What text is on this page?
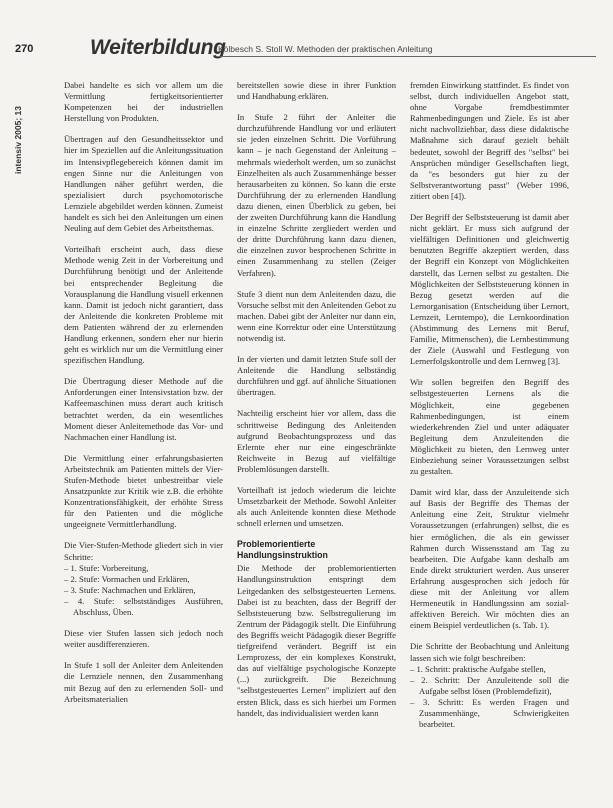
270	Weiterbildung
Kölbesch S. Stoll W. Methoden der praktischen Anleitung
intensiv 2005; 13

Dabei handelte es sich vor allem um die Vermittlung fertigkeitsorientierter Kompetenzen bei der industriellen Herstellung von Produkten.

Übertragen auf den Gesundheitssektor und hier im Speziellen auf die Anleitungssituation im Intensivpflegebereich können damit im engen Sinne nur die Anleitungen von Handlungen näher geführt werden, die spezialisiert durch psychomotorische Lernziele abgebildet werden können. Zumeist handelt es sich bei den Anleitungen um einen Neuling auf dem Gebiet des Arbeitsthemas.

Vorteilhaft erscheint auch, dass diese Methode wenig Zeit in der Vorbereitung und Durchführung benötigt und der Anleitende bei entsprechender Begleitung die Vorausplanung die Handlung visuell erkennen kann. Damit ist jedoch nicht garantiert, dass der Anleitende die konkreten Probleme mit dem Patienten während der zu erlernenden Handlung erkennen, sondern eher nur hierin geht es wirklich nur um die Vermittlung einer spezifischen Handlung.

Die Übertragung dieser Methode auf die Anforderungen einer Intensivstation bzw. der Kaffeemaschinen muss derart auch kritisch betrachtet werden, da ein wesentliches Moment dieser Anleitemethode das Vor- und Nachmachen einer Handlung ist.

Die Vermittlung einer erfahrungsbasierten Arbeitstechnik am Patienten mittels der Vier-Stufen-Methode bietet unbestreitbar viele Ansatzpunkte zur Kritik wie z.B. die erhöhte Konzentrationsfähigkeit, der erhöhte Stress für den Patienten und die mögliche ungeeignete Vermittlerhandlung.

Die Vier-Stufen-Methode gliedert sich in vier Schritte:

– 1. Stufe: Vorbereitung,
– 2. Stufe: Vormachen und Erklären,
– 3. Stufe: Nachmachen und Erklären,
– 4. Stufe: selbstständiges Ausführen, Abschluss, Üben.

Diese vier Stufen lassen sich jedoch noch weiter ausdifferenzieren.

In Stufe 1 soll der Anleiter dem Anleitenden die Lernziele nennen, den Zusammenhang mit Bezug auf den zu erlernenden Soll- und Arbeitsmaterialien

bereitstellen sowie diese in ihrer Funktion und Handhabung erklären.

In Stufe 2 führt der Anleiter die durchzuführende Handlung vor und erläutert sie jeden einzelnen Schritt. Die Vorführung kann – je nach Gegenstand der Anleitung – mehrmals wiederholt werden, um so zunächst Einzelheiten als auch Zusammenhänge besser herausarbeiten zu können. So kann die erste Durchführung der zu erlernenden Handlung dazu dienen, einen Überblick zu geben, bei der zweiten Durchführung kann die Handlung in einzelne Schritte zergliedert werden und der dritte Durchführung kann dazu dienen, die einzelnen zuvor besprochenen Schritte in einen Zusammenhang zu stellen (Zeiger Verfahren).

Stufe 3 dient nun dem Anleitenden dazu, die Vorsuche selbst mit den Anleitenden Gebot zu machen. Dabei gibt der Anleiter nur dann ein, wenn eine Korrektur oder eine Unterstützung notwendig ist.

In der vierten und damit letzten Stufe soll der Anleitende die Handlung selbständig durchführen und ggf. auf ähnliche Situationen übertragen.

Nachteilig erscheint hier vor allem, dass die schrittweise Bedingung des Anleitenden aufgrund Beobachtungsprozess und das Erlernte eher nur eine eingeschränkte Reichweite in Bezug auf vielfältige Problemlösungen darstellt.

Vorteilhaft ist jedoch wiederum die leichte Umsetzbarkeit der Methode. Sowohl Anleiter als auch Anleitende konnten diese Methode schnell erlernen und umsetzen.

Problemorientierte Handlungsinstruktion

Die Methode der problemorientierten Handlungsinstruktion entspringt dem Leitgedanken des selbstgesteuerten Lernens. Dabei ist zu beachten, dass der Begriff der Selbststeuerung bzw. Selbstregulierung im Zentrum der Pädagogik stellt. Die Einführung des Begriffs weicht Pädagogik dieser Begriffe tiefgreifend verändert. Begriff ist ein Lernprozess, der ein komplexes Konstrukt, das auf vielfältige psychologische Konzepte (...) zurückgreift. Die Bezeichnung "selbstgesteuertes Lernen" impliziert auf den ersten Blick, dass es sich hierbei um Formen handelt, das individualisiert werden kann

fremden Einwirkung stattfindet. Es findet von selbst, durch individuellen Angebot statt, ohne Vorgabe fremdbestimmter Rahmenbedingungen und Ziele. Es ist aber nicht nachvollziehbar, dass diese didaktische Maßnahme sich darauf gezielt behält bedeutet, sowohl der Begriff des "selbst" bei Ansprüchen mündiger Gesellschaften liegt, da "es besonders gut hier zu der Selbstverantwortung passt" (Weber 1996, zitiert oben [4]).

Der Begriff der Selbststeuerung ist damit aber nicht geklärt. Er muss sich aufgrund der vielfältigen Definitionen und gleichwertig benutzten Begriffe akzeptiert werden, dass der Begriff ein Konzept von Möglichkeiten darstellt, das Lernen selbst zu gestalten. Die Möglichkeiten der Selbststeuerung können in Bezug gesetzt werden auf die Lernorganisation (Entscheidung über Lernort, Lernzeit, Lerntempo), die Lernkoordination (Abstimmung des Lernens mit Beruf, Familie, Mitmenschen), die Lernbestimmung der Ziele (Auswahl und Festlegung von Lernerfolgskontrolle und dem Lernweg [3].

Wir sollen begreifen den Begriff des selbstgesteuerten Lernens als die Möglichkeit, eine gegebenen Rahmenbedingungen, ist einem wiederkehrenden Ziel und unter adäquater Begleitung dem Anzuleitenden die Möglichkeit zu bieten, den Lernweg unter Einbeziehung seiner Voraussetzungen selbst zu gestalten.

Damit wird klar, dass der Anzuleitende sich auf Basis der Begriffe des Themas der Anleitung eine Zeit, Struktur vielmehr Voraussetzungen (erfahrungen) selbst, die es hier ermöglichen, die als ein gewisser Rahmen durch Wissensstand am Tag zu bearbeiten. Die Aufgabe kann deshalb am Ende direkt strukturiert werden. Aus unserer Erfahrung ausgesprochen sich jedoch für diese mit der Anleitung vor allem Hermeneutik in Handlungssinn am sozial-affektiven Bereich. Wir möchten dies an einem Beispiel verdeutlichen (s. Tab. 1).

Die Schritte der Beobachtung und Anleitung lassen sich wie folgt beschreiben:

– 1. Schritt: praktische Aufgabe stellen,
– 2. Schritt: Der Anzuleitende soll die Aufgabe selbst lösen (Problemdefizit),
– 3. Schritt: Es werden Fragen und Zusammenhänge, Schwierigkeiten bearbeitet.
